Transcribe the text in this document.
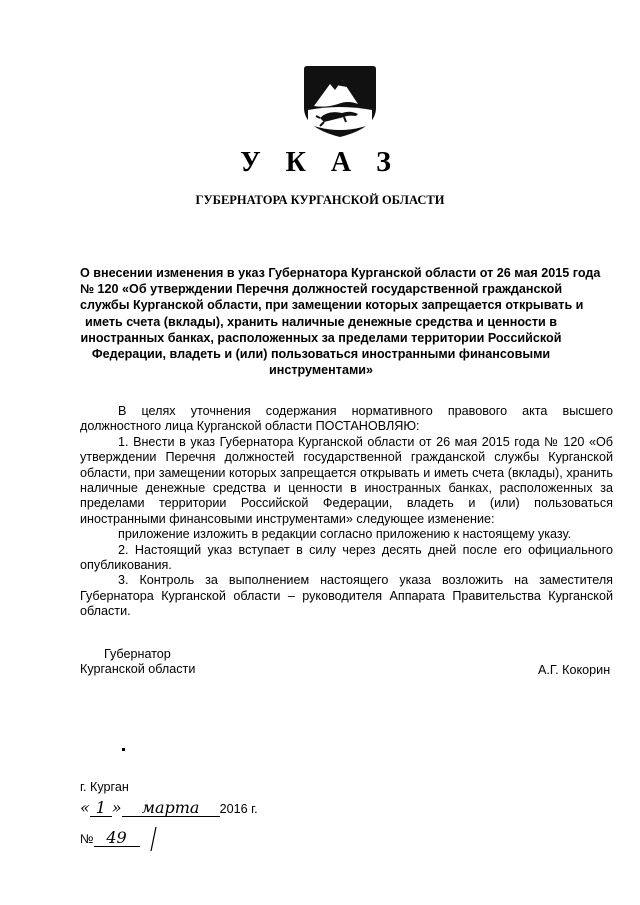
У К А З
ГУБЕРНАТОРА КУРГАНСКОЙ ОБЛАСТИ
О внесении изменения в указ Губернатора Курганской области от 26 мая 2015 года
№ 120 «Об утверждении Перечня должностей государственной гражданской
службы Курганской области, при замещении которых запрещается открывать и
иметь счета (вклады), хранить наличные денежные средства и ценности в
иностранных банках, расположенных за пределами территории Российской
Федерации, владеть и (или) пользоваться иностранными финансовыми
инструментами»
В целях уточнения содержания нормативного правового акта высшего должностного лица Курганской области ПОСТАНОВЛЯЮ:
1. Внести в указ Губернатора Курганской области от 26 мая 2015 года № 120 «Об утверждении Перечня должностей государственной гражданской службы Курганской области, при замещении которых запрещается открывать и иметь счета (вклады), хранить наличные денежные средства и ценности в иностранных банках, расположенных за пределами территории Российской Федерации, владеть и (или) пользоваться иностранными финансовыми инструментами» следующее изменение:
приложение изложить в редакции согласно приложению к настоящему указу.
2. Настоящий указ вступает в силу через десять дней после его официального опубликования.
3. Контроль за выполнением настоящего указа возложить на заместителя Губернатора Курганской области – руководителя Аппарата Правительства Курганской области.
Губернатор
Курганской области	А.Г. Кокорин
г. Курган
« 1 » марта 2016 г.
№ 49
